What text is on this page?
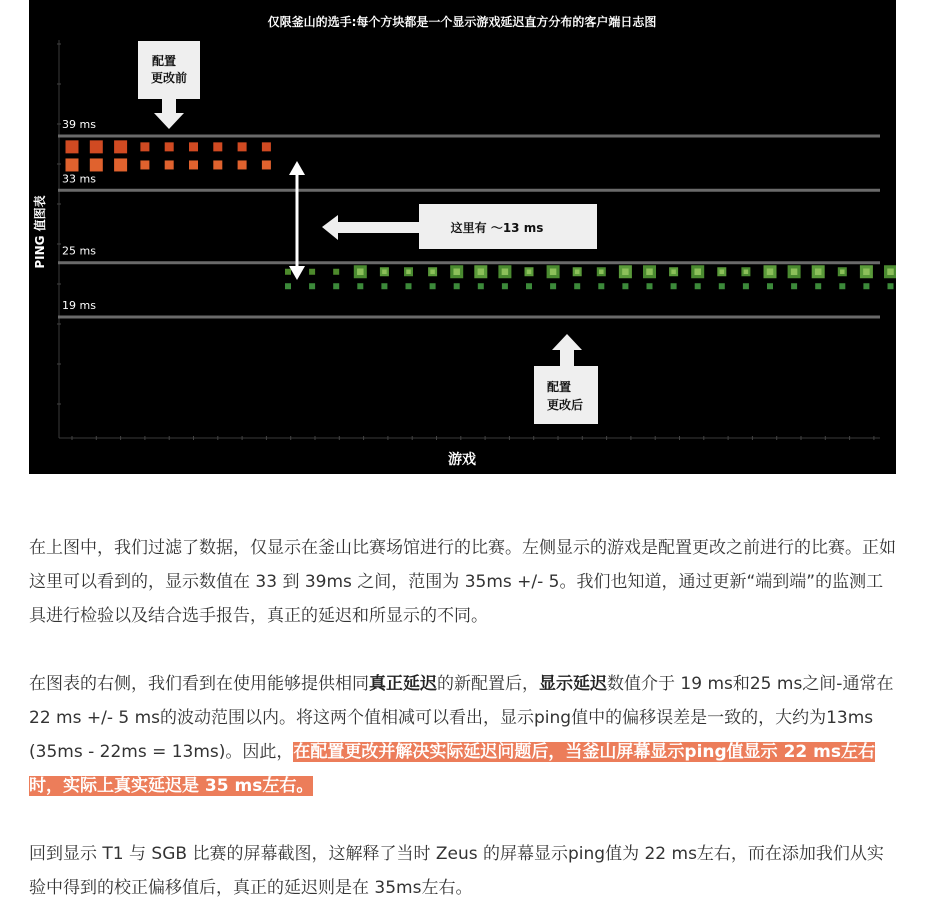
仅限釜山的选手:每个方块都是一个显示游戏延迟直方分布的客户端日志图
39 ms
33 ms
25 ms
19 ms
PING 值图表
游戏
配置
更改前
这里有 ～13 ms
配置
更改后

在上图中，我们过滤了数据，仅显示在釜山比赛场馆进行的比赛。左侧显示的游戏是配置更改之前进行的比赛。正如这里可以看到的，显示数值在 33 到 39ms 之间，范围为 35ms +/- 5。我们也知道，通过更新“端到端”的监测工具进行检验以及结合选手报告，真正的延迟和所显示的不同。

在图表的右侧，我们看到在使用能够提供相同真正延迟的新配置后，显示延迟数值介于 19 ms和25 ms之间-通常在22 ms +/- 5 ms的波动范围以内。将这两个值相减可以看出，显示ping值中的偏移误差是一致的，大约为13ms (35ms - 22ms = 13ms)。因此，在配置更改并解决实际延迟问题后，当釜山屏幕显示ping值显示 22 ms左右时，实际上真实延迟是 35 ms左右。

回到显示 T1 与 SGB 比赛的屏幕截图，这解释了当时 Zeus 的屏幕显示ping值为 22 ms左右，而在添加我们从实验中得到的校正偏移值后，真正的延迟则是在 35ms左右。
